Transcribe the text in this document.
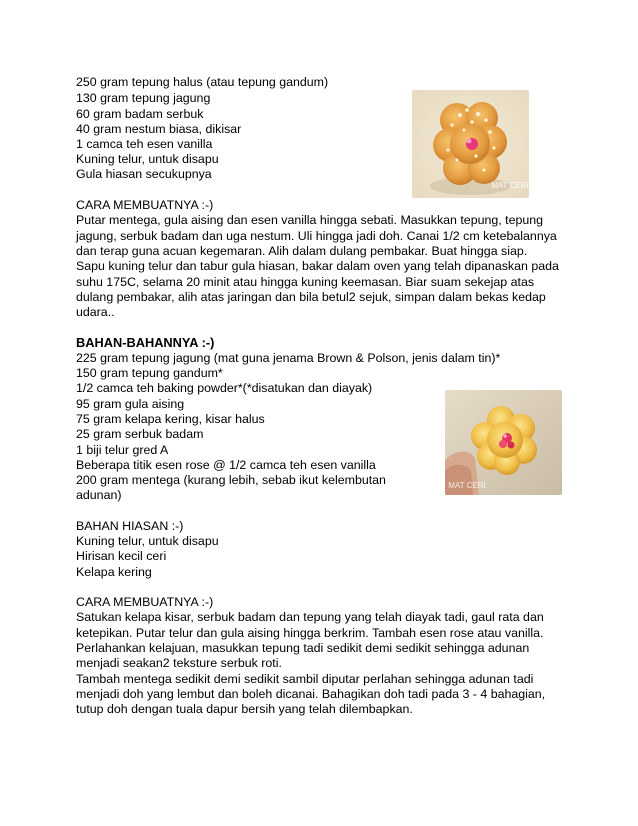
250 gram tepung halus (atau tepung gandum)
130 gram tepung jagung
60 gram badam serbuk
40 gram nestum biasa, dikisar
1 camca teh esen vanilla
Kuning telur, untuk disapu
Gula hiasan secukupnya
MAT CERI
CARA MEMBUATNYA :-)
Putar mentega, gula aising dan esen vanilla hingga sebati. Masukkan tepung, tepung
jagung, serbuk badam dan uga nestum. Uli hingga jadi doh. Canai 1/2 cm ketebalannya
dan terap guna acuan kegemaran. Alih dalam dulang pembakar. Buat hingga siap.
Sapu kuning telur dan tabur gula hiasan, bakar dalam oven yang telah dipanaskan pada
suhu 175C, selama 20 minit atau hingga kuning keemasan. Biar suam sekejap atas
dulang pembakar, alih atas jaringan dan bila betul2 sejuk, simpan dalam bekas kedap
udara..
BAHAN-BAHANNYA :-)
225 gram tepung jagung (mat guna jenama Brown & Polson, jenis dalam tin)*
150 gram tepung gandum*
1/2 camca teh baking powder*(*disatukan dan diayak)
95 gram gula aising
75 gram kelapa kering, kisar halus
25 gram serbuk badam
1 biji telur gred A
Beberapa titik esen rose @ 1/2 camca teh esen vanilla
200 gram mentega (kurang lebih, sebab ikut kelembutan
adunan)
MAT CERI
BAHAN HIASAN :-)
Kuning telur, untuk disapu
Hirisan kecil ceri
Kelapa kering
CARA MEMBUATNYA :-)
Satukan kelapa kisar, serbuk badam dan tepung yang telah diayak tadi, gaul rata dan
ketepikan. Putar telur dan gula aising hingga berkrim. Tambah esen rose atau vanilla.
Perlahankan kelajuan, masukkan tepung tadi sedikit demi sedikit sehingga adunan
menjadi seakan2 teksture serbuk roti.
Tambah mentega sedikit demi sedikit sambil diputar perlahan sehingga adunan tadi
menjadi doh yang lembut dan boleh dicanai. Bahagikan doh tadi pada 3 - 4 bahagian,
tutup doh dengan tuala dapur bersih yang telah dilembapkan.
